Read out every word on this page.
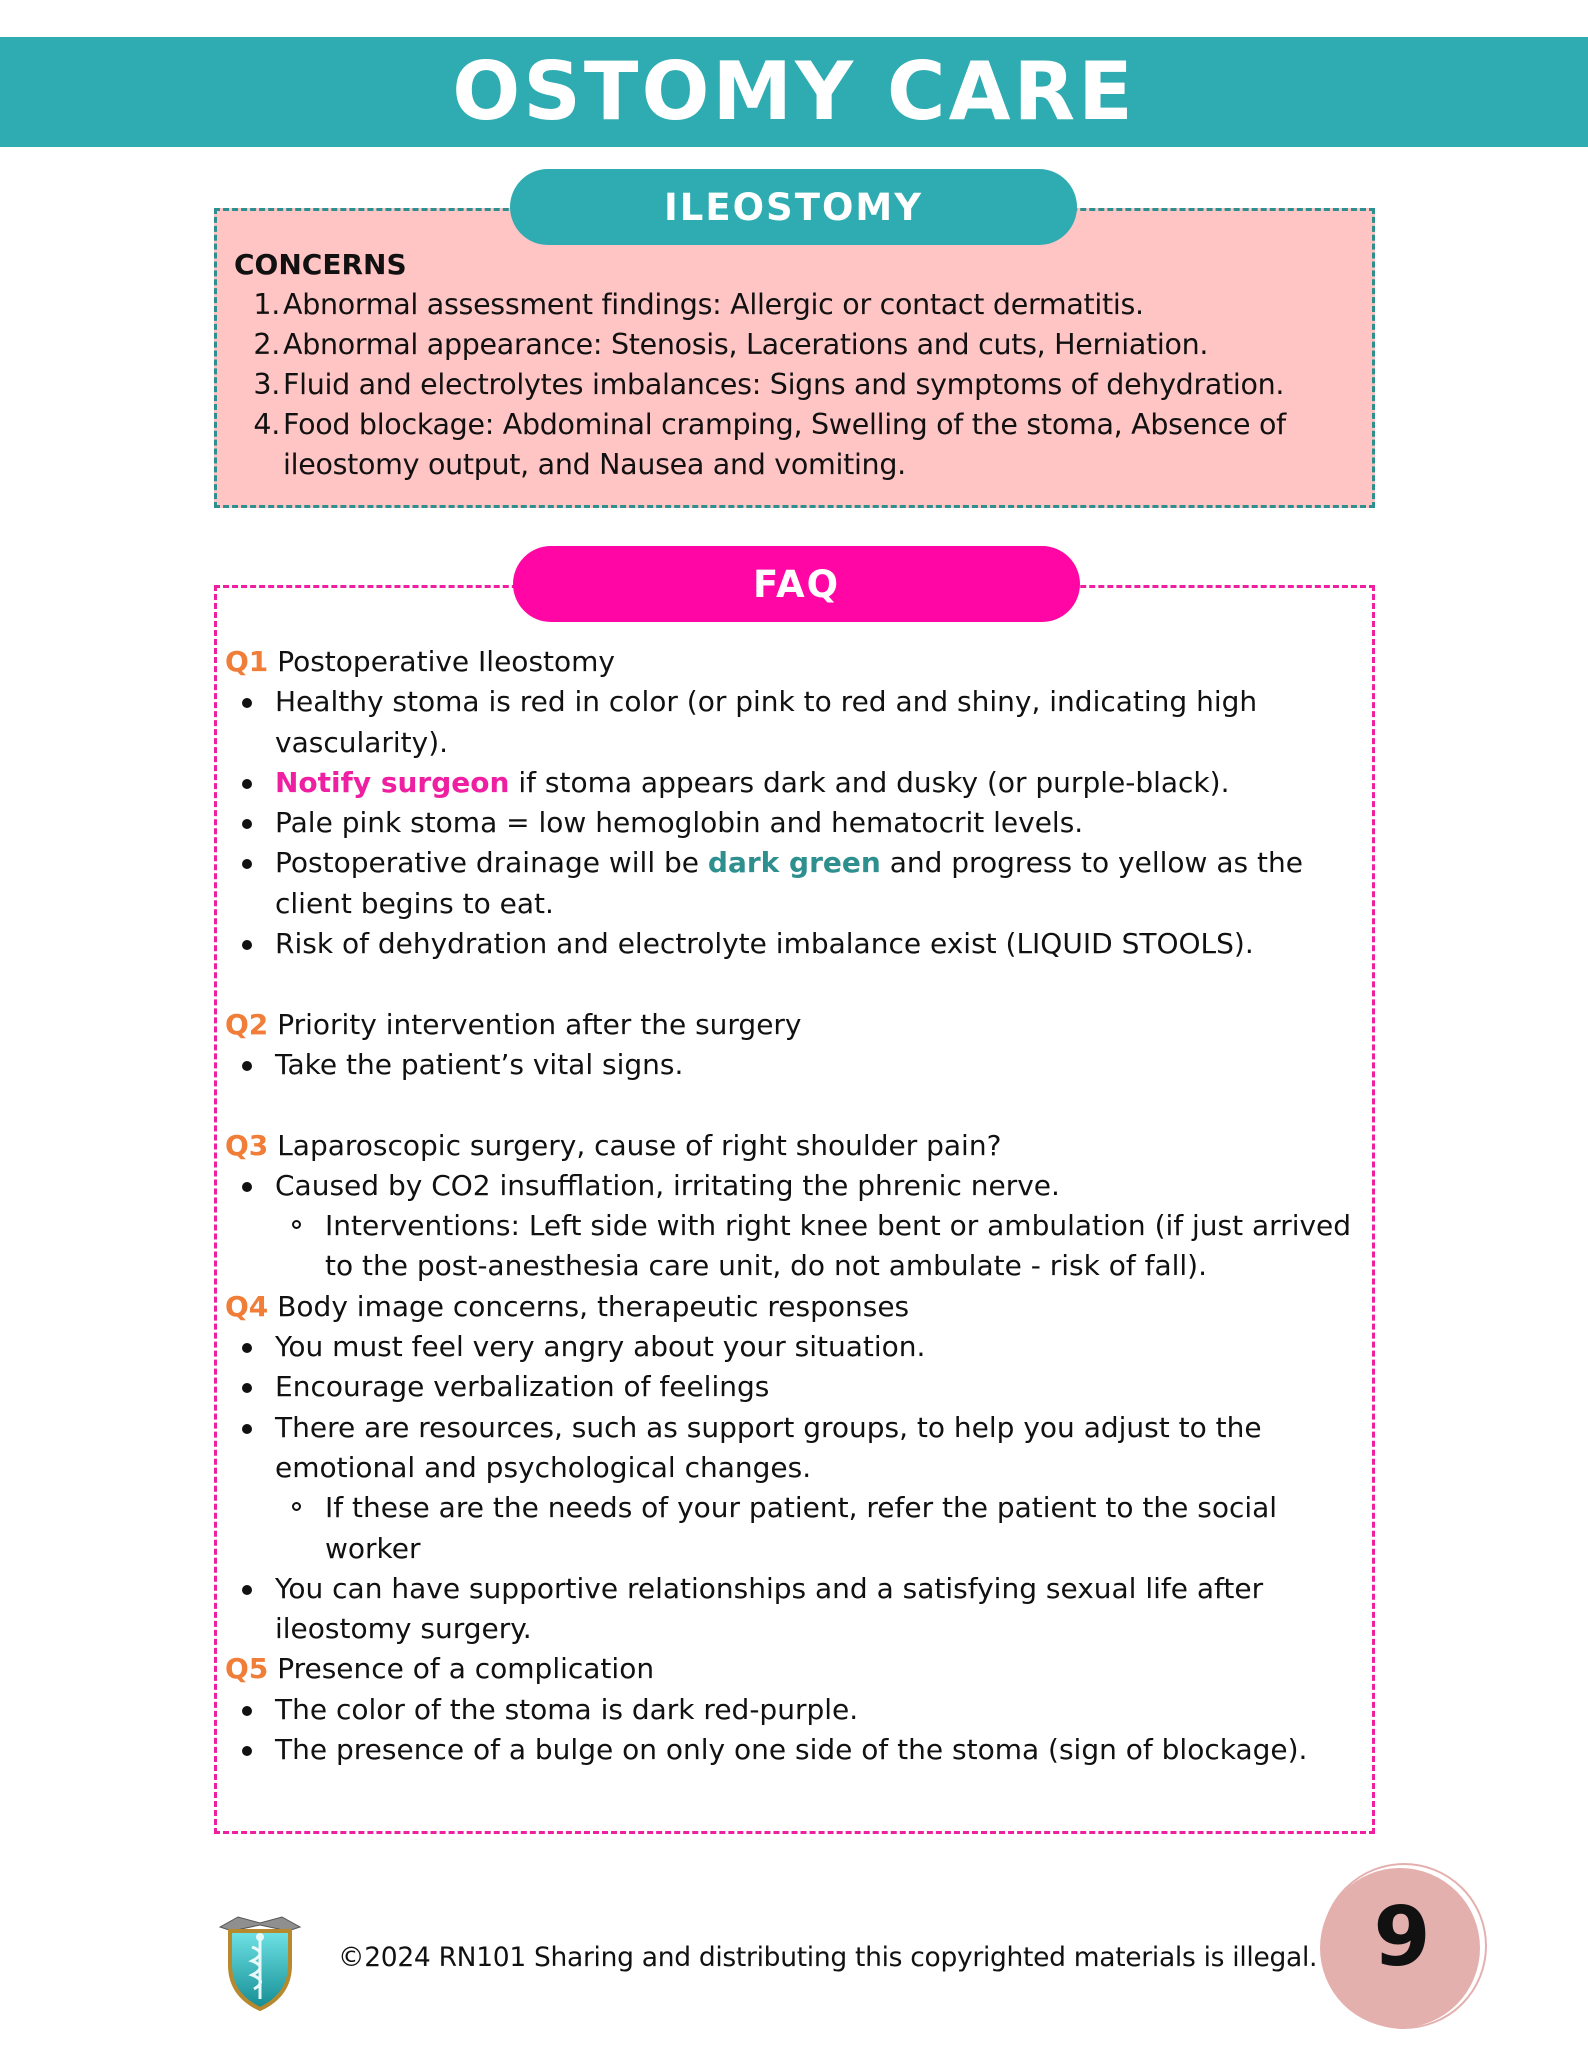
OSTOMY CARE
ILEOSTOMY

CONCERNS

1. Abnormal assessment findings: Allergic or contact dermatitis.
2. Abnormal appearance: Stenosis, Lacerations and cuts, Herniation.
3. Fluid and electrolytes imbalances: Signs and symptoms of dehydration.
4. Food blockage: Abdominal cramping, Swelling of the stoma, Absence of ileostomy output, and Nausea and vomiting.
FAQ

Q1 Postoperative Ileostomy

Healthy stoma is red in color (or pink to red and shiny, indicating high vascularity).
Notify surgeon if stoma appears dark and dusky (or purple-black).
Pale pink stoma = low hemoglobin and hematocrit levels.
Postoperative drainage will be dark green and progress to yellow as the client begins to eat.
Risk of dehydration and electrolyte imbalance exist (LIQUID STOOLS).

Q2 Priority intervention after the surgery

Take the patient’s vital signs.

Q3 Laparoscopic surgery, cause of right shoulder pain?

Caused by CO2 insufflation, irritating the phrenic nerve.
Interventions: Left side with right knee bent or ambulation (if just arrived to the post-anesthesia care unit, do not ambulate - risk of fall).

Q4 Body image concerns, therapeutic responses

You must feel very angry about your situation.
Encourage verbalization of feelings
There are resources, such as support groups, to help you adjust to the emotional and psychological changes.
If these are the needs of your patient, refer the patient to the social worker
You can have supportive relationships and a satisfying sexual life after ileostomy surgery.

Q5 Presence of a complication

The color of the stoma is dark red-purple.
The presence of a bulge on only one side of the stoma (sign of blockage).
©2024 RN101 Sharing and distributing this copyrighted materials is illegal. 9
